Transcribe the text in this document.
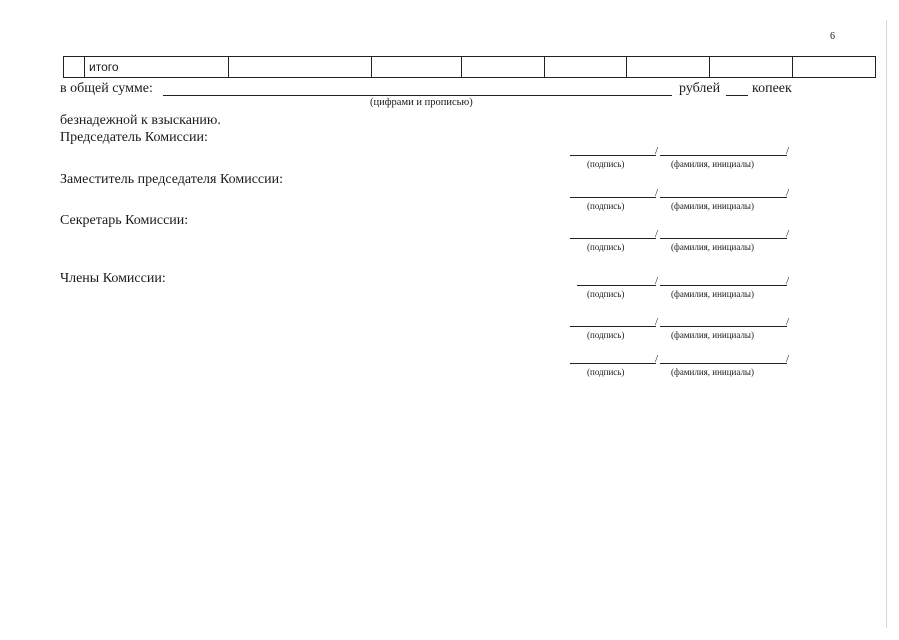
6
	итого							
в общей сумме:	рублей копеек
(цифрами и прописью)
безнадежной к взысканию.
Председатель Комиссии:
/	/
(подпись)	(фамилия, инициалы)
Заместитель председателя Комиссии:
/	/
(подпись)	(фамилия, инициалы)
Секретарь Комиссии:
/	/
(подпись)	(фамилия, инициалы)
Члены Комиссии:	/	/
(подпись)	(фамилия, инициалы)
/	/
(подпись)	(фамилия, инициалы)
/	/
(подпись)	(фамилия, инициалы)
